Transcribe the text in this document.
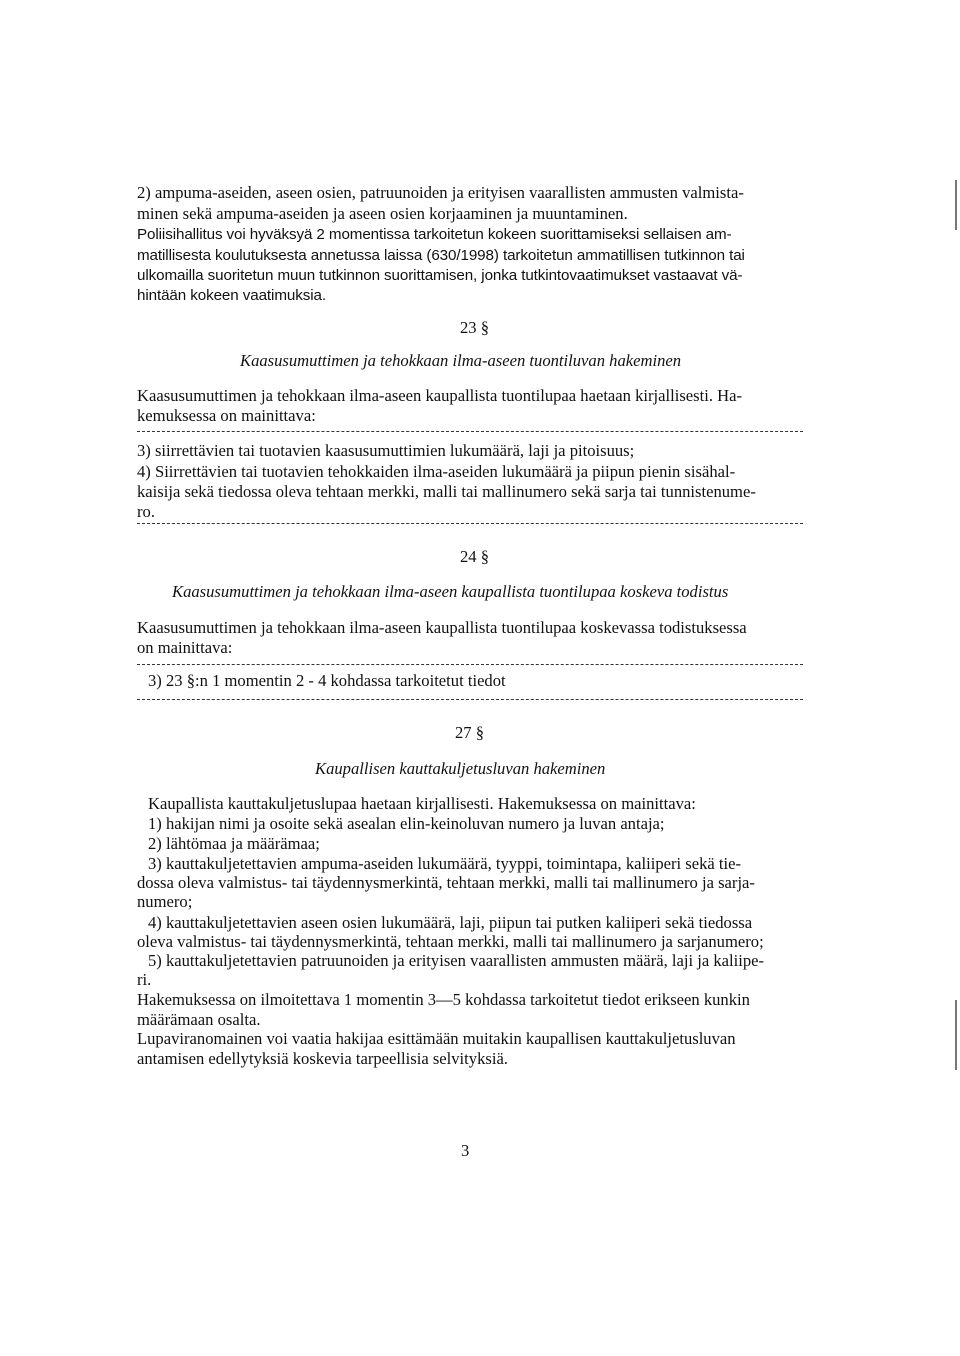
2) ampuma-aseiden, aseen osien, patruunoiden ja erityisen vaarallisten ammusten valmista-
minen sekä ampuma-aseiden ja aseen osien korjaaminen ja muuntaminen.
Poliisihallitus voi hyväksyä 2 momentissa tarkoitetun kokeen suorittamiseksi sellaisen am-
matillisesta koulutuksesta annetussa laissa (630/1998) tarkoitetun ammatillisen tutkinnon tai
ulkomailla suoritetun muun tutkinnon suorittamisen, jonka tutkintovaatimukset vastaavat vä-
hintään kokeen vaatimuksia.
23 §
Kaasusumuttimen ja tehokkaan ilma-aseen tuontiluvan hakeminen
Kaasusumuttimen ja tehokkaan ilma-aseen kaupallista tuontilupaa haetaan kirjallisesti. Ha-
kemuksessa on mainittava:
3) siirrettävien tai tuotavien kaasusumuttimien lukumäärä, laji ja pitoisuus;
4) Siirrettävien tai tuotavien tehokkaiden ilma-aseiden lukumäärä ja piipun pienin sisähal-
kaisija sekä tiedossa oleva tehtaan merkki, malli tai mallinumero sekä sarja tai tunnistenume-
ro.
24 §
Kaasusumuttimen ja tehokkaan ilma-aseen kaupallista tuontilupaa koskeva todistus
Kaasusumuttimen ja tehokkaan ilma-aseen kaupallista tuontilupaa koskevassa todistuksessa
on mainittava:
3) 23 §:n 1 momentin 2 - 4 kohdassa tarkoitetut tiedot
27 §
Kaupallisen kauttakuljetusluvan hakeminen
Kaupallista kauttakuljetuslupaa haetaan kirjallisesti. Hakemuksessa on mainittava:
1) hakijan nimi ja osoite sekä asealan elin-keinoluvan numero ja luvan antaja;
2) lähtömaa ja määrämaa;
3) kauttakuljetettavien ampuma-aseiden lukumäärä, tyyppi, toimintapa, kaliiperi sekä tie-
dossa oleva valmistus- tai täydennysmerkintä, tehtaan merkki, malli tai mallinumero ja sarja-
numero;
4) kauttakuljetettavien aseen osien lukumäärä, laji, piipun tai putken kaliiperi sekä tiedossa
oleva valmistus- tai täydennysmerkintä, tehtaan merkki, malli tai mallinumero ja sarjanumero;
5) kauttakuljetettavien patruunoiden ja erityisen vaarallisten ammusten määrä, laji ja kaliipe-
ri.
Hakemuksessa on ilmoitettava 1 momentin 3—5 kohdassa tarkoitetut tiedot erikseen kunkin
määrämaan osalta.
Lupaviranomainen voi vaatia hakijaa esittämään muitakin kaupallisen kauttakuljetusluvan
antamisen edellytyksiä koskevia tarpeellisia selvityksiä.
3
